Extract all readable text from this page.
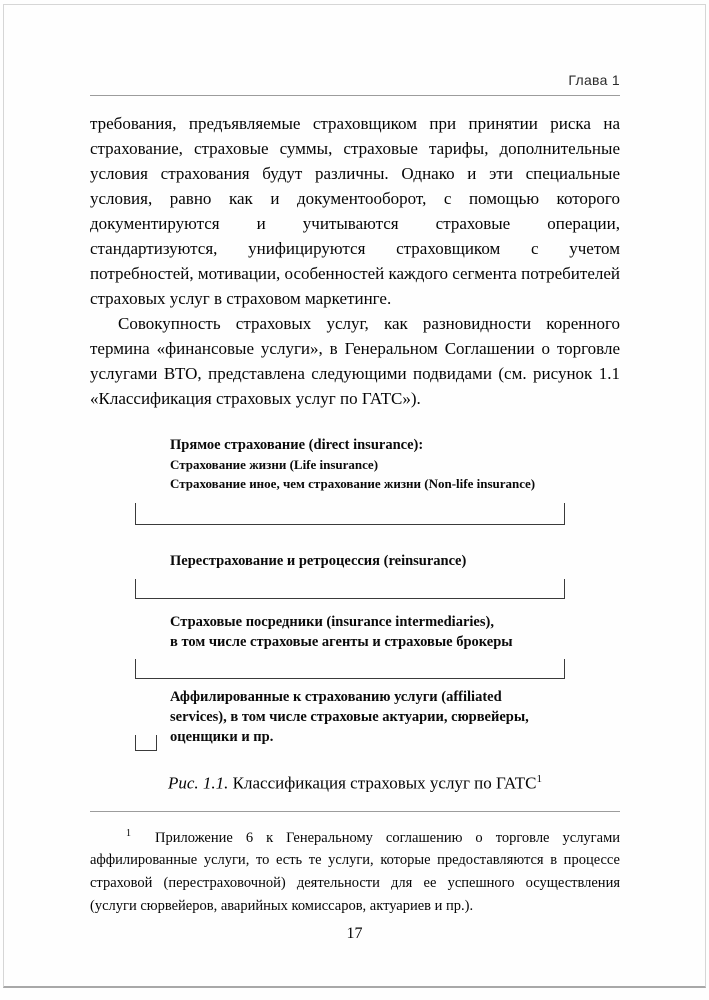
Глава 1

требования, предъявляемые страховщиком при принятии риска на страхование, страховые суммы, страховые тарифы, дополнительные условия страхования будут различны. Однако и эти специальные условия, равно как и документооборот, с помощью которого документируются и учитываются страховые операции, стандартизуются, унифицируются страховщиком с учетом потребностей, мотивации, особенностей каждого сегмента потребителей страховых услуг в страховом маркетинге.

Совокупность страховых услуг, как разновидности коренного термина «финансовые услуги», в Генеральном Соглашении о торговле услугами ВТО, представлена следующими подвидами (см. рисунок 1.1 «Классификация страховых услуг по ГАТС»).

Прямое страхование (direct insurance):
Страхование жизни (Life insurance)
Страхование иное, чем страхование жизни (Non-life insurance)
Перестрахование и ретроцессия (reinsurance)
Страховые посредники (insurance intermediaries),
в том числе страховые агенты и страховые брокеры
Аффилированные к страхованию услуги (affiliated
services), в том числе страховые актуарии, сюрвейеры,
оценщики и пр.
Рис. 1.1. Классификация страховых услуг по ГАТС$^1$

$^1$ Приложение 6 к Генеральному соглашению о торговле услугами аффилированные услуги, то есть те услуги, которые предоставляются в процессе страховой (перестраховочной) деятельности для ее успешного осуществления (услуги сюрвейеров, аварийных комиссаров, актуариев и пр.).

17
